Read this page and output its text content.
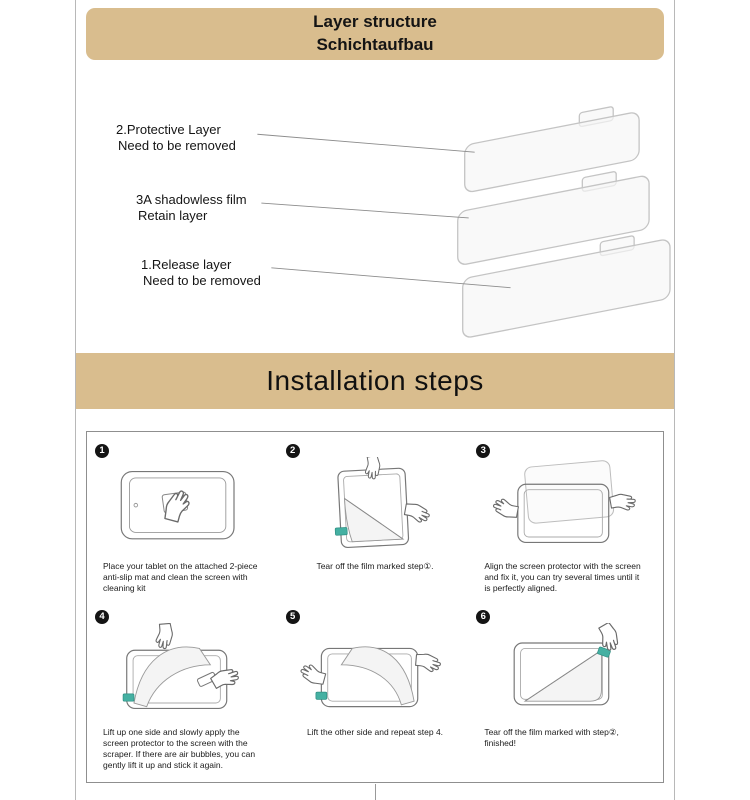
Layer structure
Schichtaufbau
2.Protective Layer
Need to be removed
3A shadowless film
Retain layer
1.Release layer
Need to be removed
Installation steps
1
Place your tablet on the attached 2-piece anti-slip mat and clean the screen with cleaning kit
2
Tear off the film marked step①.
3
Align the screen protector with the screen and fix it, you can try several times until it is perfectly aligned.
4
Lift up one side and slowly apply the screen protector to the screen with the scraper. If there are air bubbles, you can gently lift it up and stick it again.
5
Lift the other side and repeat step 4.
6
Tear off the film marked with step②, finished!
